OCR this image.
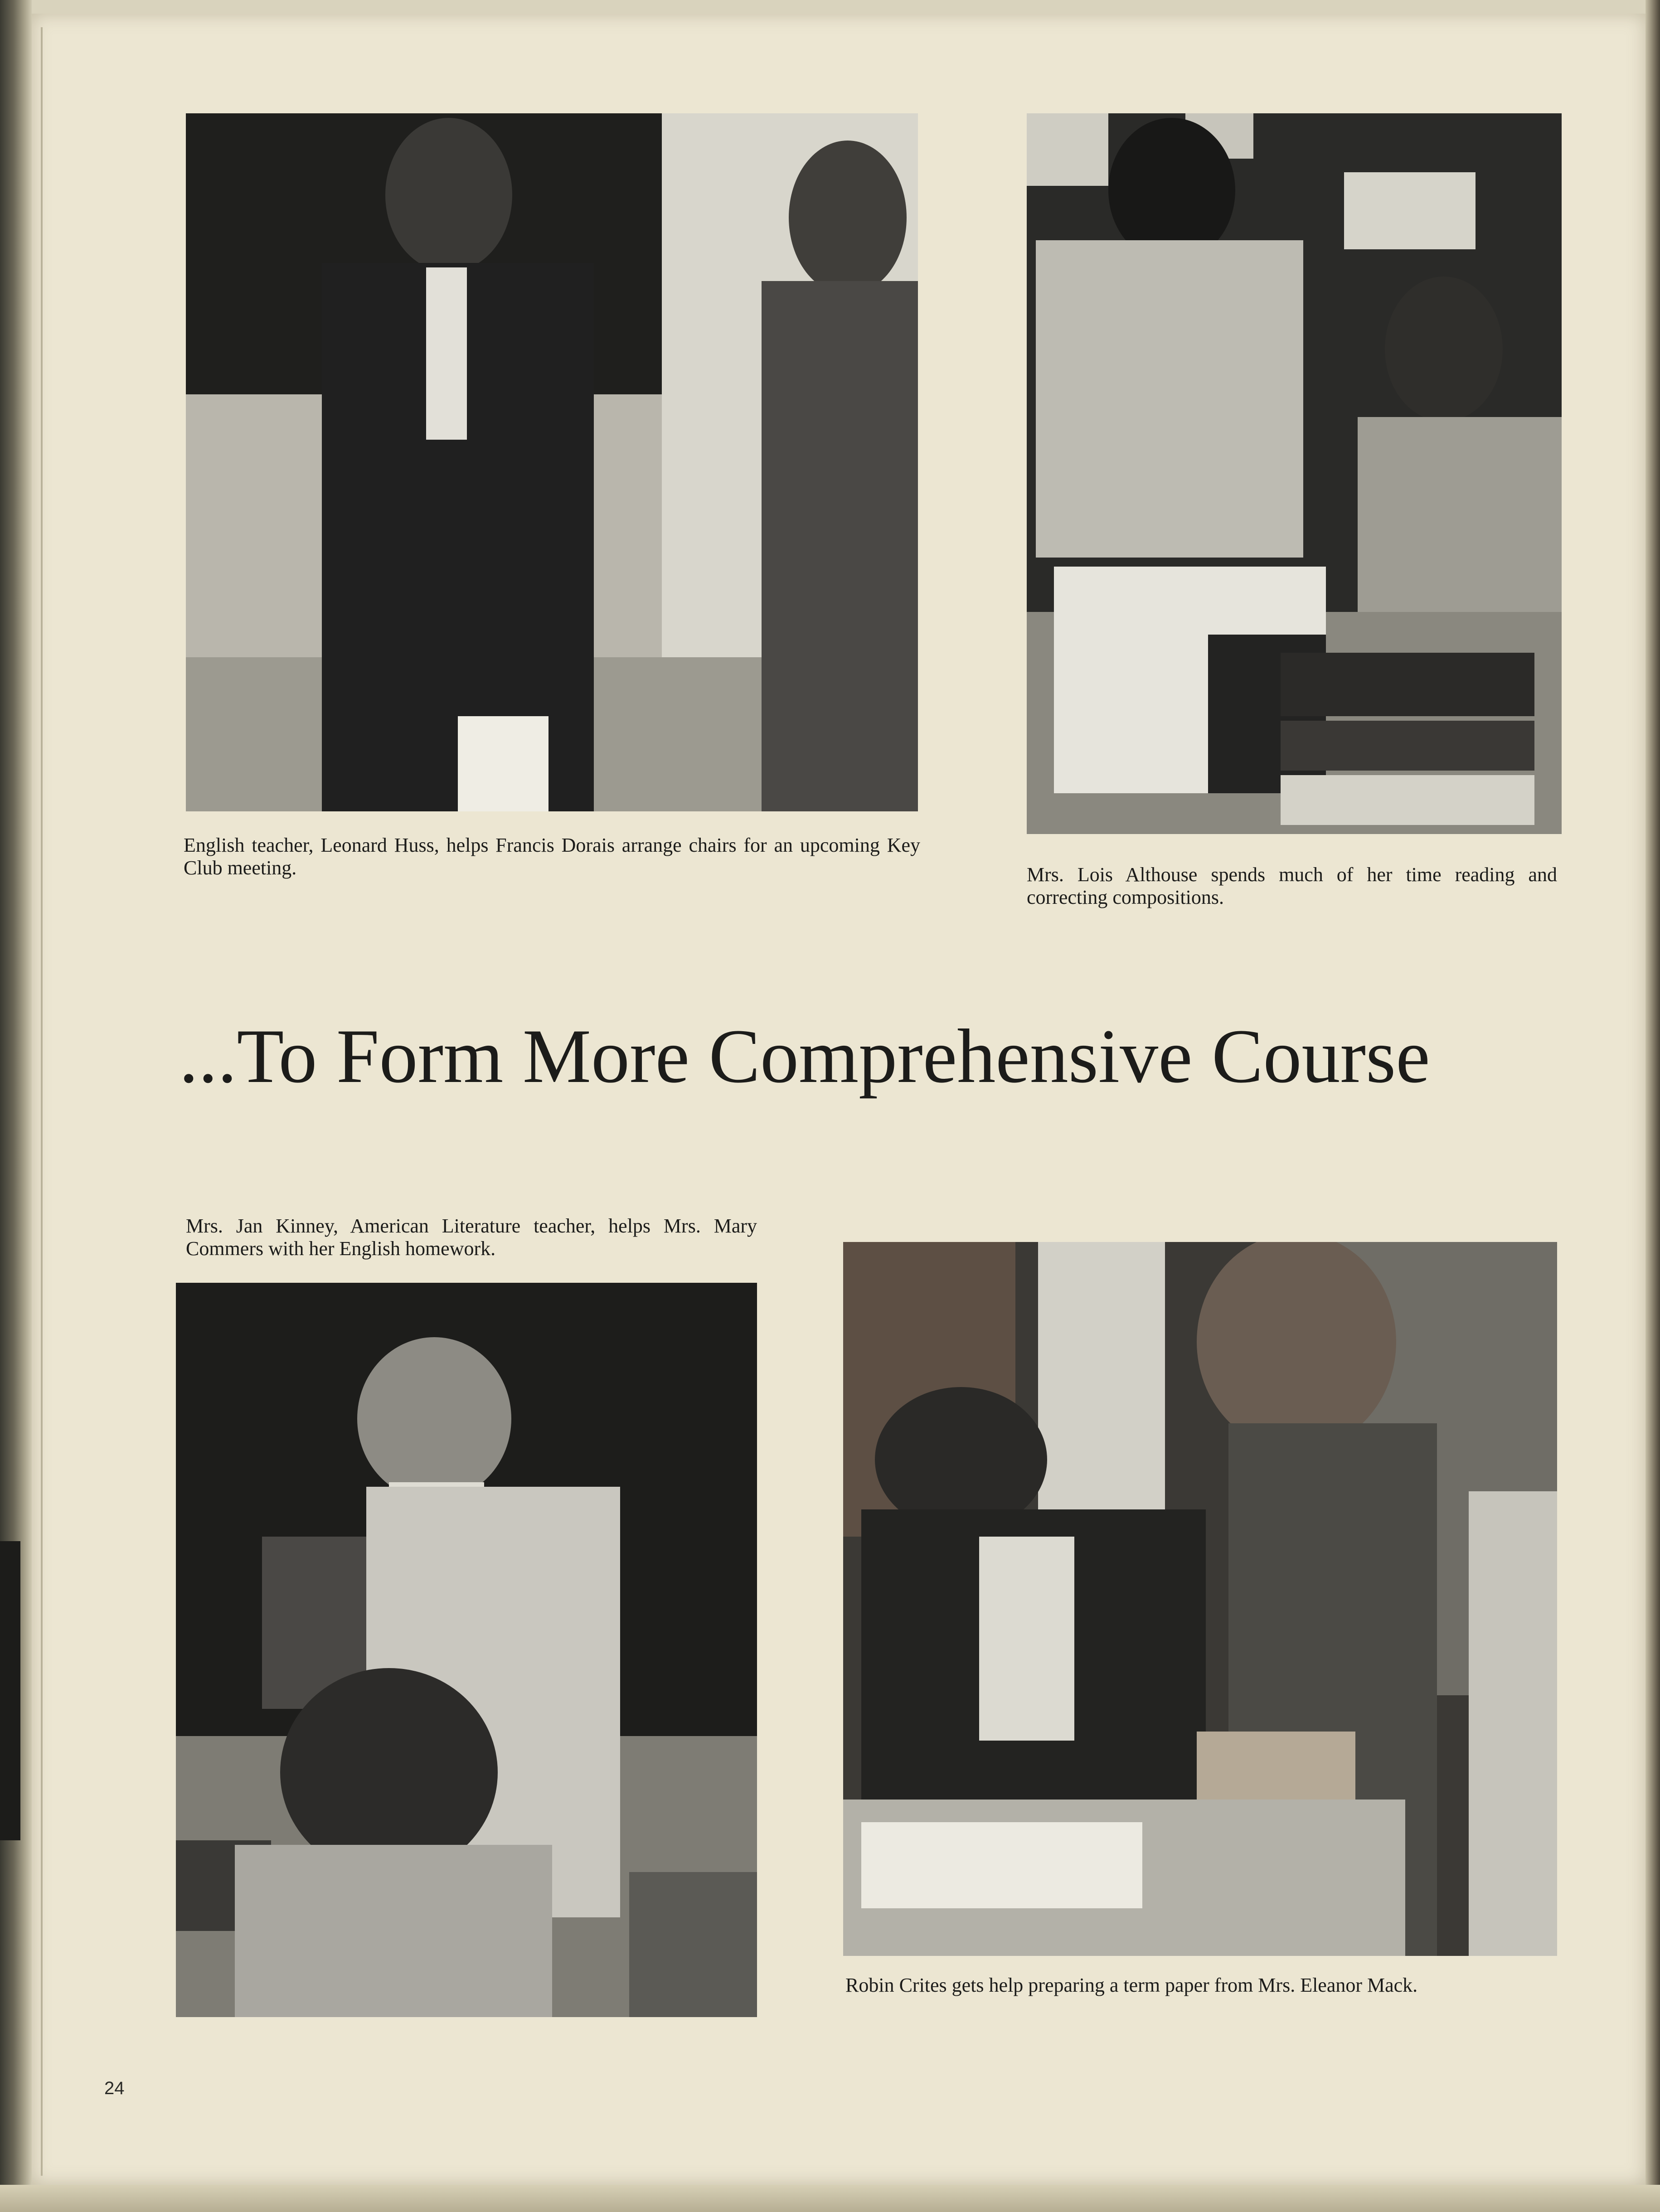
English teacher, Leonard Huss, helps Francis Dorais arrange chairs for an upcoming Key Club meeting.	Mrs. Lois Althouse spends much of her time reading and correcting compositions.
...To Form More Comprehensive Course
Mrs. Jan Kinney, American Literature teacher, helps Mrs. Mary Commers with her English homework.
Robin Crites gets help preparing a term paper from Mrs. Eleanor Mack.
24
